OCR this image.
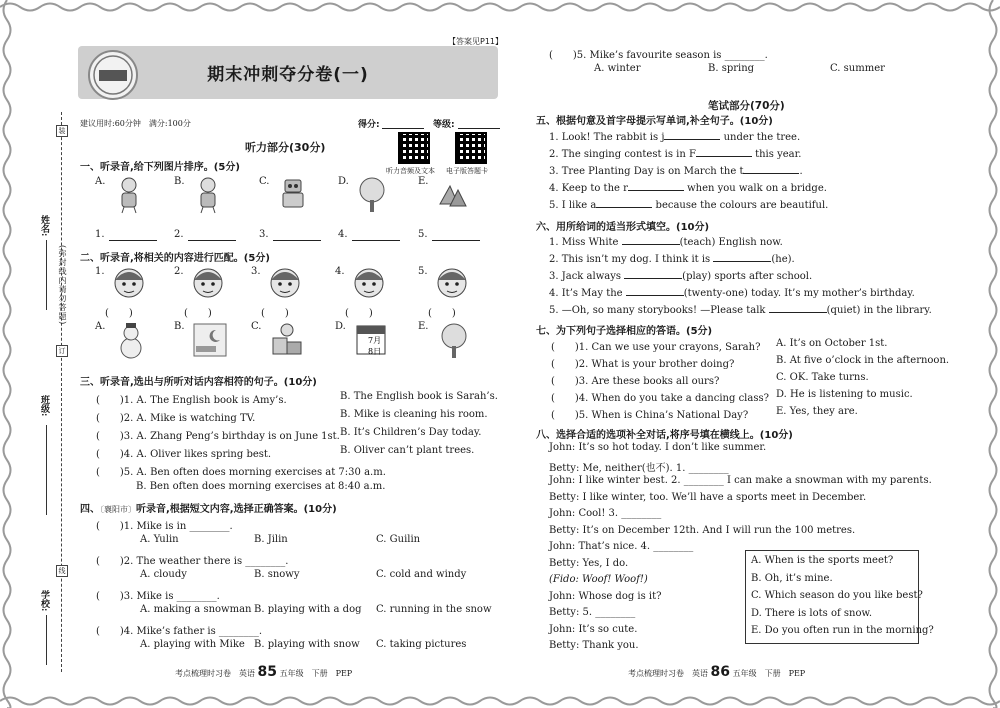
姓名:
班级:
学校:
(弥封线内请勿答题)
装
订
线
【答案见P11】
期末冲刺夺分卷(一)
建议用时:60分钟　满分:100分	得分:	等级:
听力音频及文本 电子版答题卡
听力部分(30分)
一、听录音,给下列图片排序。(5分)
二、听录音,将相关的内容进行匹配。(5分)
三、听录音,选出与所听对话内容相符的句子。(10分)
四、〔襄阳市〕听录音,根据短文内容,选择正确答案。(10分)
笔试部分(70分)
五、根据句意及首字母提示写单词,补全句子。(10分)
六、用所给词的适当形式填空。(10分)
七、为下列句子选择相应的答语。(5分)
八、选择合适的选项补全对话,将序号填在横线上。(10分)
考点梳理时习卷　英语 85 五年级　下册　PEP	考点梳理时习卷　英语 86 五年级　下册　PEP
A.
1.
B.
2.
C.
3.
D.
4.
E.
5.
1.
(　　)
A.
2.
(　　)
B.
3.
(　　)
C.
4.
(　　)
D.
5.
(　　)
E.
7月
8日
(　　)1. A. The English book is Amy’s.	B. The English book is Sarah’s.
(　　)2. A. Mike is watching TV.	B. Mike is cleaning his room.
(　　)3. A. Zhang Peng’s birthday is on June 1st. B. It’s Children’s Day today.
(　　)4. A. Oliver likes spring best.	B. Oliver can’t plant trees.
(　　)5. A. Ben often does morning exercises at 7:30 a.m.
B. Ben often does morning exercises at 8:40 a.m.
(　　)1. Mike is in ________.
A. Yulin	B. Jilin	C. Guilin
(　　)2. The weather there is ________.
A. cloudy	B. snowy	C. cold and windy
(　　)3. Mike is ________.
A. making a snowman B. playing with a dog C. running in the snow
(　　)4. Mike’s father is ________.
A. playing with Mike B. playing with snow C. taking pictures
(　　)5. Mike’s favourite season is ________.
A. winter	B. spring	C. summer
1. Look! The rabbit is j	under the tree.
2. The singing contest is in F	this year.
3. Tree Planting Day is on March the t	.
4. Keep to the r	when you walk on a bridge.
5. I like a	because the colours are beautiful.
1. Miss White	(teach) English now.
2. This isn’t my dog. I think it is	(he).
3. Jack always	(play) sports after school.
4. It’s May the	(twenty-one) today. It’s my mother’s birthday.
5. —Oh, so many storybooks! —Please talk	(quiet) in the library.
(　　)1. Can we use your crayons, Sarah? A. It’s on October 1st.
(　　)2. What is your brother doing?	B. At five o’clock in the afternoon.
(　　)3. Are these books all ours?	C. OK. Take turns.
(　　)4. When do you take a dancing class? D. He is listening to music.
(　　)5. When is China’s National Day?	E. Yes, they are.
John: It’s so hot today. I don’t like summer.
Betty: Me, neither(也不). 1. ________
John: I like winter best. 2. ________ I can make a snowman with my parents.
Betty: I like winter, too. We’ll have a sports meet in December.
John: Cool! 3. ________
Betty: It’s on December 12th. And I will run the 100 metres.
John: That’s nice. 4. ________
Betty: Yes, I do.
(Fido: Woof! Woof!)
John: Whose dog is it?
Betty: 5. ________
John: It’s so cute.
Betty: Thank you.
A. When is the sports meet?
B. Oh, it’s mine.
C. Which season do you like best?
D. There is lots of snow.
E. Do you often run in the morning?
